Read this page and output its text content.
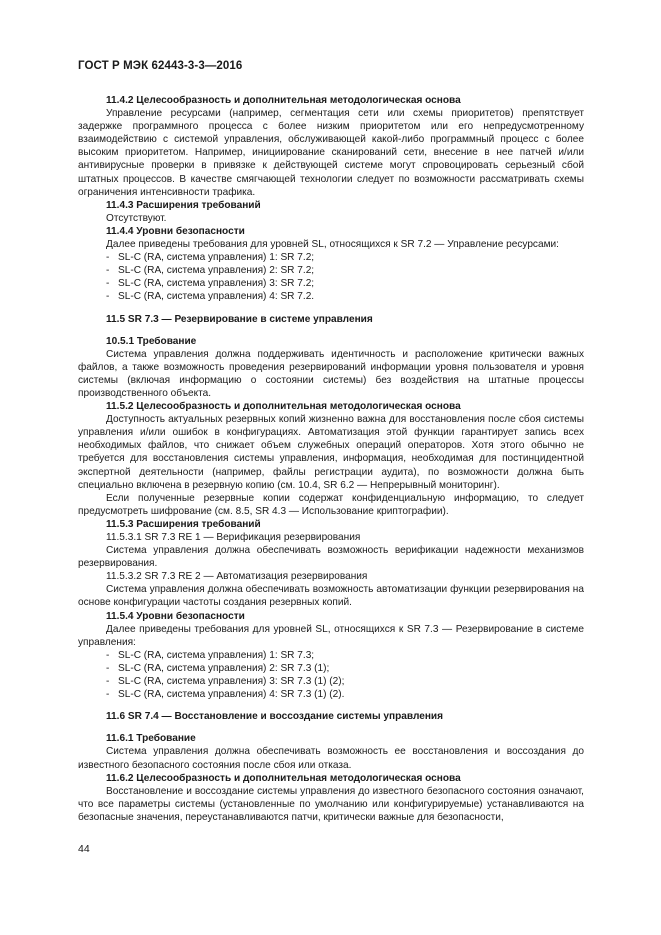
ГОСТ Р МЭК 62443-3-3—2016
11.4.2 Целесообразность и дополнительная методологическая основа
Управление ресурсами (например, сегментация сети или схемы приоритетов) препятствует задержке программного процесса с более низким приоритетом или его непредусмотренному взаимодействию с системой управления, обслуживающей какой-либо программный процесс с более высоким приоритетом. Например, инициирование сканирований сети, внесение в нее патчей и/или антивирусные проверки в привязке к действующей системе могут спровоцировать серьезный сбой штатных процессов. В качестве смягчающей технологии следует по возможности рассматривать схемы ограничения интенсивности трафика.
11.4.3 Расширения требований
Отсутствуют.
11.4.4 Уровни безопасности
Далее приведены требования для уровней SL, относящихся к SR 7.2 — Управление ресурсами:
- SL-C (RA, система управления) 1: SR 7.2;
- SL-C (RA, система управления) 2: SR 7.2;
- SL-C (RA, система управления) 3: SR 7.2;
- SL-C (RA, система управления) 4: SR 7.2.
11.5 SR 7.3 — Резервирование в системе управления
10.5.1 Требование
Система управления должна поддерживать идентичность и расположение критически важных файлов, а также возможность проведения резервирований информации уровня пользователя и уровня системы (включая информацию о состоянии системы) без воздействия на штатные процессы производственного объекта.
11.5.2 Целесообразность и дополнительная методологическая основа
Доступность актуальных резервных копий жизненно важна для восстановления после сбоя системы управления и/или ошибок в конфигурациях. Автоматизация этой функции гарантирует запись всех необходимых файлов, что снижает объем служебных операций операторов. Хотя этого обычно не требуется для восстановления системы управления, информация, необходимая для постинцидентной экспертной деятельности (например, файлы регистрации аудита), по возможности должна быть специально включена в резервную копию (см. 10.4, SR 6.2 — Непрерывный мониторинг).
Если полученные резервные копии содержат конфиденциальную информацию, то следует предусмотреть шифрование (см. 8.5, SR 4.3 — Использование криптографии).
11.5.3 Расширения требований
11.5.3.1 SR 7.3 RE 1 — Верификация резервирования
Система управления должна обеспечивать возможность верификации надежности механизмов резервирования.
11.5.3.2 SR 7.3 RE 2 — Автоматизация резервирования
Система управления должна обеспечивать возможность автоматизации функции резервирования на основе конфигурации частоты создания резервных копий.
11.5.4 Уровни безопасности
Далее приведены требования для уровней SL, относящихся к SR 7.3 — Резервирование в системе управления:
- SL-C (RA, система управления) 1: SR 7.3;
- SL-C (RA, система управления) 2: SR 7.3 (1);
- SL-C (RA, система управления) 3: SR 7.3 (1) (2);
- SL-C (RA, система управления) 4: SR 7.3 (1) (2).
11.6 SR 7.4 — Восстановление и воссоздание системы управления
11.6.1 Требование
Система управления должна обеспечивать возможность ее восстановления и воссоздания до известного безопасного состояния после сбоя или отказа.
11.6.2 Целесообразность и дополнительная методологическая основа
Восстановление и воссоздание системы управления до известного безопасного состояния означают, что все параметры системы (установленные по умолчанию или конфигурируемые) устанавливаются на безопасные значения, переустанавливаются патчи, критически важные для безопасности,
44
